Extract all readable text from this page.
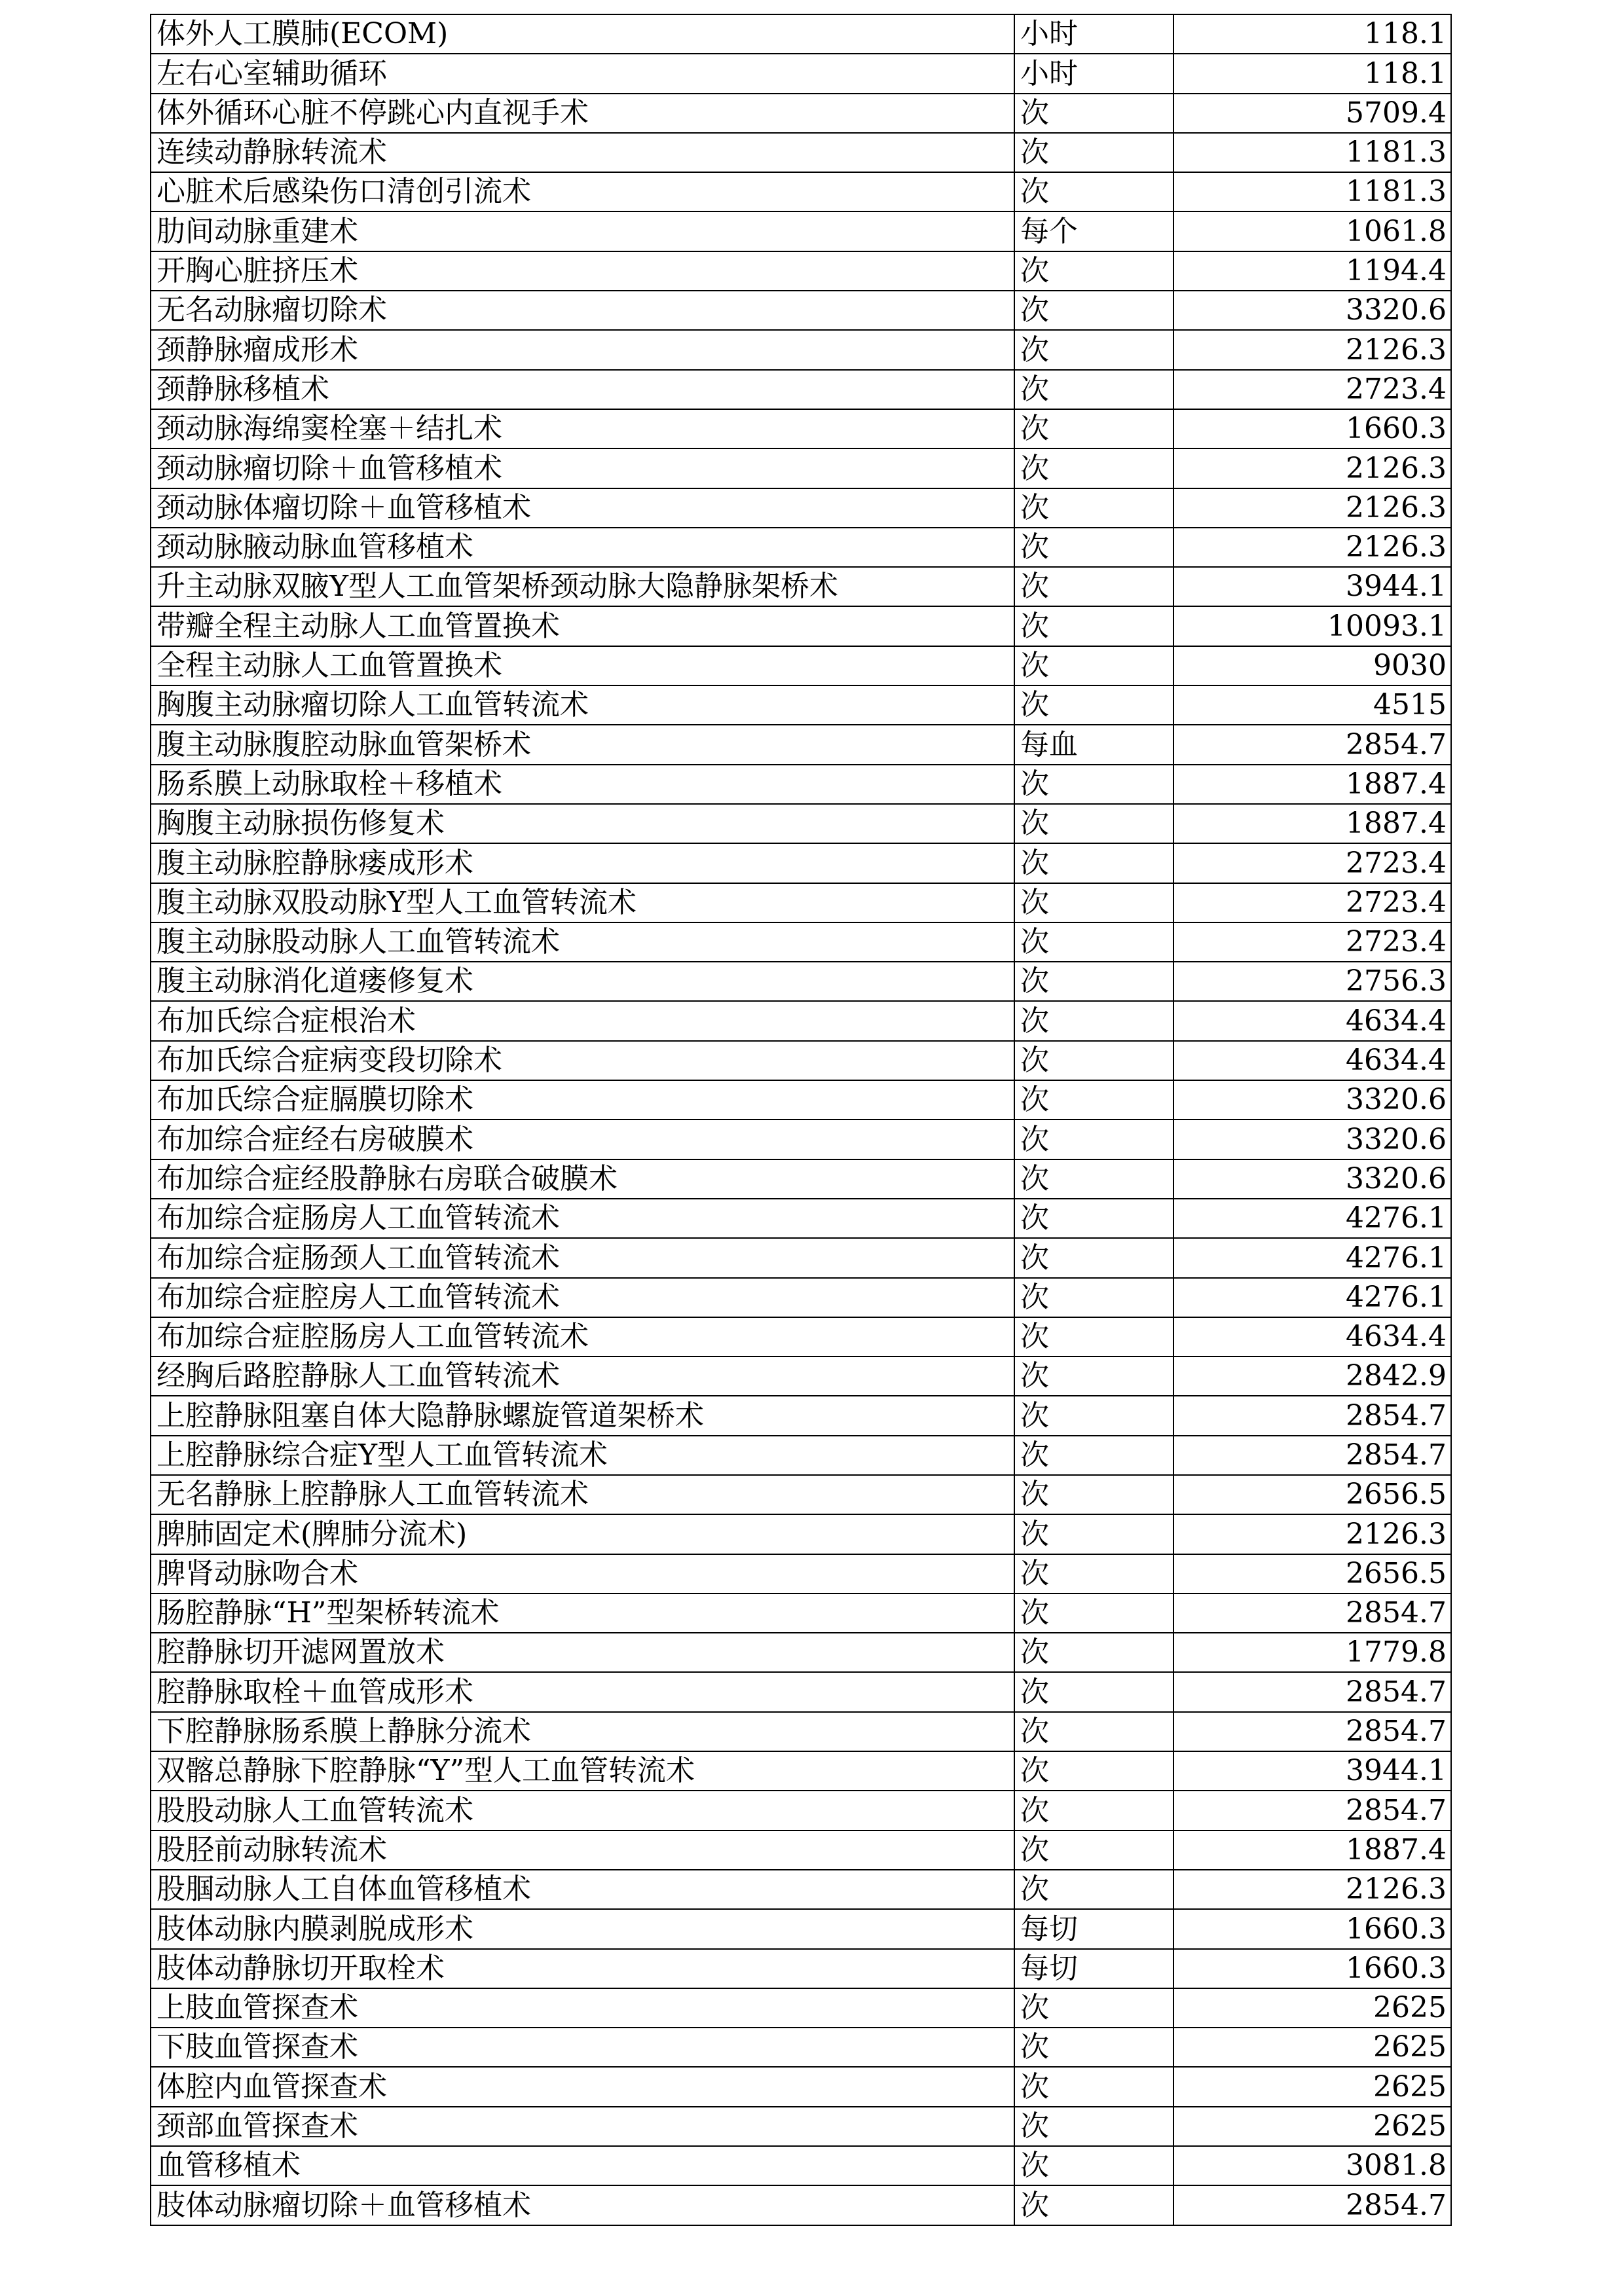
体外人工膜肺(ECOM)	小时	118.1
左右心室辅助循环	小时	118.1
体外循环心脏不停跳心内直视手术	次	5709.4
连续动静脉转流术	次	1181.3
心脏术后感染伤口清创引流术	次	1181.3
肋间动脉重建术	每个	1061.8
开胸心脏挤压术	次	1194.4
无名动脉瘤切除术	次	3320.6
颈静脉瘤成形术	次	2126.3
颈静脉移植术	次	2723.4
颈动脉海绵窦栓塞＋结扎术	次	1660.3
颈动脉瘤切除＋血管移植术	次	2126.3
颈动脉体瘤切除＋血管移植术	次	2126.3
颈动脉腋动脉血管移植术	次	2126.3
升主动脉双腋Y型人工血管架桥颈动脉大隐静脉架桥术	次	3944.1
带瓣全程主动脉人工血管置换术	次	10093.1
全程主动脉人工血管置换术	次	9030
胸腹主动脉瘤切除人工血管转流术	次	4515
腹主动脉腹腔动脉血管架桥术	每血	2854.7
肠系膜上动脉取栓＋移植术	次	1887.4
胸腹主动脉损伤修复术	次	1887.4
腹主动脉腔静脉瘘成形术	次	2723.4
腹主动脉双股动脉Y型人工血管转流术	次	2723.4
腹主动脉股动脉人工血管转流术	次	2723.4
腹主动脉消化道瘘修复术	次	2756.3
布加氏综合症根治术	次	4634.4
布加氏综合症病变段切除术	次	4634.4
布加氏综合症膈膜切除术	次	3320.6
布加综合症经右房破膜术	次	3320.6
布加综合症经股静脉右房联合破膜术	次	3320.6
布加综合症肠房人工血管转流术	次	4276.1
布加综合症肠颈人工血管转流术	次	4276.1
布加综合症腔房人工血管转流术	次	4276.1
布加综合症腔肠房人工血管转流术	次	4634.4
经胸后路腔静脉人工血管转流术	次	2842.9
上腔静脉阻塞自体大隐静脉螺旋管道架桥术	次	2854.7
上腔静脉综合症Y型人工血管转流术	次	2854.7
无名静脉上腔静脉人工血管转流术	次	2656.5
脾肺固定术(脾肺分流术)	次	2126.3
脾肾动脉吻合术	次	2656.5
肠腔静脉“H”型架桥转流术	次	2854.7
腔静脉切开滤网置放术	次	1779.8
腔静脉取栓＋血管成形术	次	2854.7
下腔静脉肠系膜上静脉分流术	次	2854.7
双髂总静脉下腔静脉“Y”型人工血管转流术	次	3944.1
股股动脉人工血管转流术	次	2854.7
股胫前动脉转流术	次	1887.4
股腘动脉人工自体血管移植术	次	2126.3
肢体动脉内膜剥脱成形术	每切	1660.3
肢体动静脉切开取栓术	每切	1660.3
上肢血管探查术	次	2625
下肢血管探查术	次	2625
体腔内血管探查术	次	2625
颈部血管探查术	次	2625
血管移植术	次	3081.8
肢体动脉瘤切除＋血管移植术	次	2854.7
